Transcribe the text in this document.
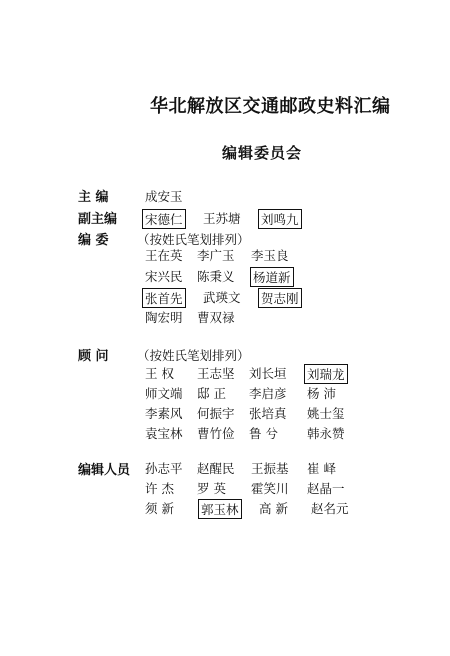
华北解放区交通邮政史料汇编
编辑委员会
主 编	成安玉
副主编 宋德仁 王苏塘 刘鸣九
编 委 （按姓氏笔划排列）
王在英 李广玉 李玉良
宋兴民 陈秉义 杨道新
张首先 武瑛文 贺志刚
陶宏明 曹双禄
顾 问 （按姓氏笔划排列）
王 权 王志坚 刘长垣 刘瑞龙
师文端 邸 正 李启彦 杨 沛
李素风 何振宇 张培真 姚士玺
袁宝林 曹竹俭 鲁 兮 韩永赞
编辑人员 孙志平 赵醒民 王振基 崔 峄
许 杰 罗 英 霍笑川 赵晶一
须 新 郭玉林 高 新 赵名元
